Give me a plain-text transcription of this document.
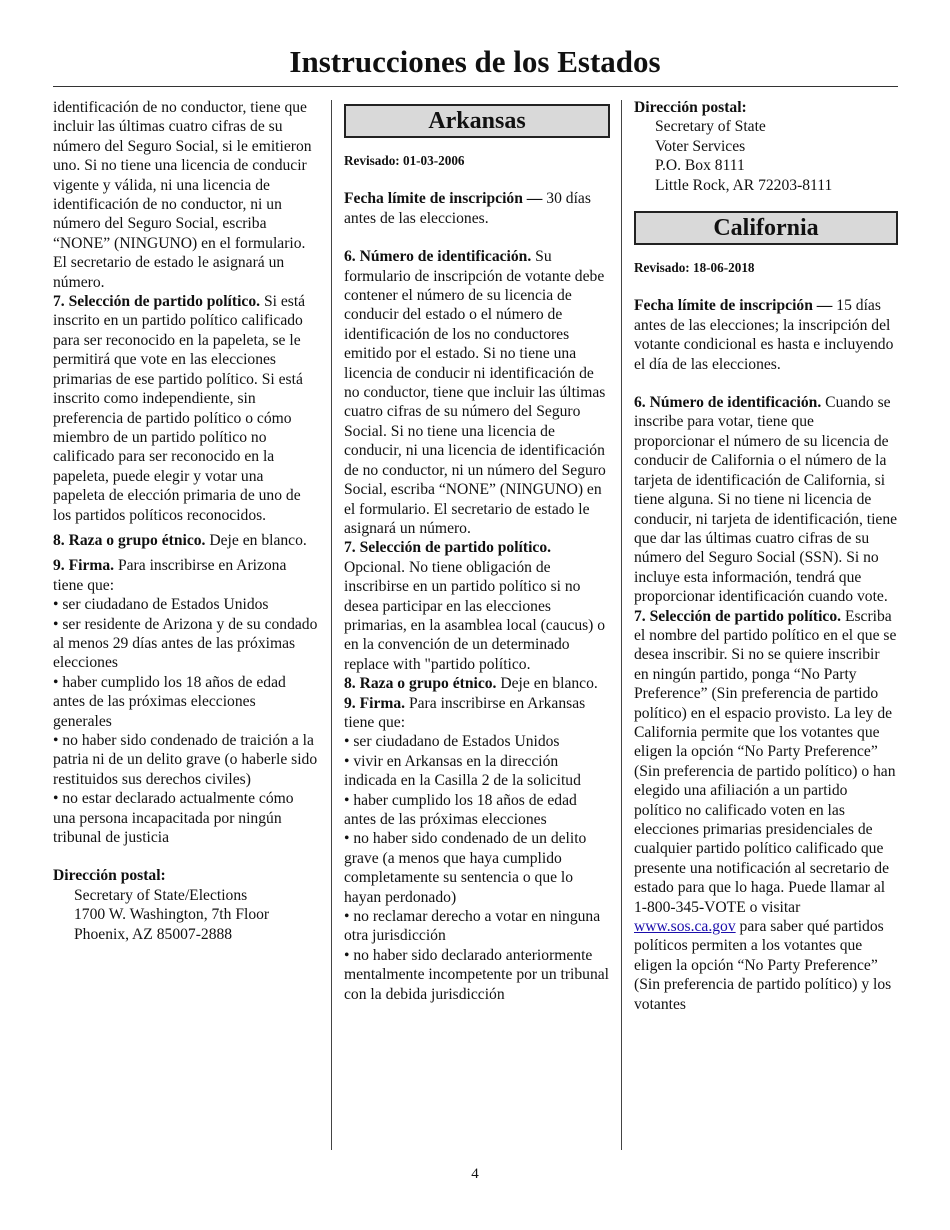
Instrucciones de los Estados

identificación de no conductor, tiene que incluir las últimas cuatro cifras de su número del Seguro Social, si le emitieron uno. Si no tiene una licencia de conducir vigente y válida, ni una licencia de identificación de no conductor, ni un número del Seguro Social, escriba “NONE” (NINGUNO) en el formulario. El secretario de estado le asignará un número.

7. Selección de partido político. Si está inscrito en un partido político calificado para ser reconocido en la papeleta, se le permitirá que vote en las elecciones primarias de ese partido político. Si está inscrito como independiente, sin preferencia de partido político o cómo miembro de un partido político no calificado para ser reconocido en la papeleta, puede elegir y votar una papeleta de elección primaria de uno de los partidos políticos reconocidos.

8. Raza o grupo étnico. Deje en blanco.

9. Firma. Para inscribirse en Arizona tiene que:

• ser ciudadano de Estados Unidos

• ser residente de Arizona y de su condado al menos 29 días antes de las próximas elecciones

• haber cumplido los 18 años de edad antes de las próximas elecciones generales

• no haber sido condenado de traición a la patria ni de un delito grave (o haberle sido restituidos sus derechos civiles)

• no estar declarado actualmente cómo una persona incapacitada por ningún tribunal de justicia

Dirección postal:

Secretary of State/Elections

1700 W. Washington, 7th Floor

Phoenix, AZ 85007-2888

Arkansas

Revisado: 01-03-2006

Fecha límite de inscripción — 30 días antes de las elecciones.

6. Número de identificación. Su formulario de inscripción de votante debe contener el número de su licencia de conducir del estado o el número de identificación de los no conductores emitido por el estado. Si no tiene una licencia de conducir ni identificación de no conductor, tiene que incluir las últimas cuatro cifras de su número del Seguro Social. Si no tiene una licencia de conducir, ni una licencia de identificación de no conductor, ni un número del Seguro Social, escriba “NONE” (NINGUNO) en el formulario. El secretario de estado le asignará un número.

7. Selección de partido político. Opcional. No tiene obligación de inscribirse en un partido político si no desea participar en las elecciones primarias, en la asamblea local (caucus) o en la convención de un determinado replace with "partido político.

8. Raza o grupo étnico. Deje en blanco.

9. Firma. Para inscribirse en Arkansas tiene que:

• ser ciudadano de Estados Unidos

• vivir en Arkansas en la dirección indicada en la Casilla 2 de la solicitud

• haber cumplido los 18 años de edad antes de las próximas elecciones

• no haber sido condenado de un delito grave (a menos que haya cumplido completamente su sentencia o que lo hayan perdonado)

• no reclamar derecho a votar en ninguna otra jurisdicción

• no haber sido declarado anteriormente mentalmente incompetente por un tribunal con la debida jurisdicción

Dirección postal:

Secretary of State

Voter Services

P.O. Box 8111

Little Rock, AR 72203-8111

California

Revisado: 18-06-2018

Fecha límite de inscripción — 15 días antes de las elecciones; la inscripción del votante condicional es hasta e incluyendo el día de las elecciones.

6. Número de identificación. Cuando se inscribe para votar, tiene que proporcionar el número de su licencia de conducir de California o el número de la tarjeta de identificación de California, si tiene alguna. Si no tiene ni licencia de conducir, ni tarjeta de identificación, tiene que dar las últimas cuatro cifras de su número del Seguro Social (SSN). Si no incluye esta información, tendrá que proporcionar identificación cuando vote.

7. Selección de partido político. Escriba el nombre del partido político en el que se desea inscribir. Si no se quiere inscribir en ningún partido, ponga “No Party Preference” (Sin preferencia de partido político) en el espacio provisto. La ley de California permite que los votantes que eligen la opción “No Party Preference” (Sin preferencia de partido político) o han elegido una afiliación a un partido político no calificado voten en las elecciones primarias presidenciales de cualquier partido político calificado que presente una notificación al secretario de estado para que lo haga. Puede llamar al 1-800-345-VOTE o visitar www.sos.ca.gov para saber qué partidos políticos permiten a los votantes que eligen la opción “No Party Preference” (Sin preferencia de partido político) y los votantes

4
